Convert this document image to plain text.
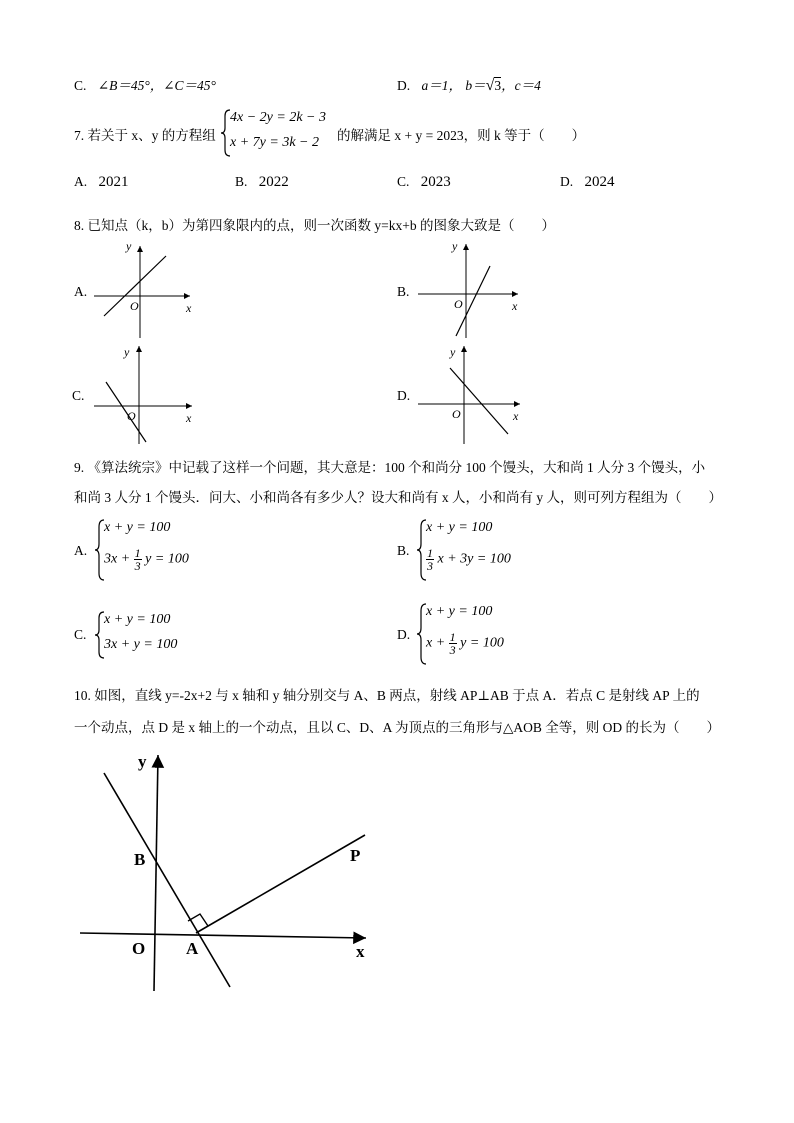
C. ∠B＝45°，∠C＝45°	D. a＝1， b＝√3，c＝4
7. 若关于 x、y 的方程组
4x − 2y = 2k − 3
x + 7y = 3k − 2 的解满足 x + y = 2023，则 k 等于（　　）
A. 2021	B. 2022	C. 2023	D. 2024
8. 已知点（k，b）为第四象限内的点，则一次函数 y=kx+b 的图象大致是（　　）
A.
y
x
O
B.
y
x
O
C.
y
x
O
D.
y
x
O
9. 《算法统宗》中记载了这样一个问题，其大意是：100 个和尚分 100 个馒头，大和尚 1 人分 3 个馒头，小
和尚 3 人分 1 个馒头．问大、小和尚各有多少人？设大和尚有 x 人，小和尚有 y 人，则可列方程组为（　　）
A.
x + y = 100
$3x + \frac{1}{3}$ y = 100
B.
x + y = 100
$\frac{1}{3}$ x + 3y = 100
C.
x + y = 100
3x + y = 100
D.
x + y = 100
$x + \frac{1}{3}$ y = 100
10. 如图，直线 y=-2x+2 与 x 轴和 y 轴分别交与 A、B 两点，射线 AP⊥AB 于点 A．若点 C 是射线 AP 上的
一个动点，点 D 是 x 轴上的一个动点，且以 C、D、A 为顶点的三角形与△AOB 全等，则 OD 的长为（　　）
y
x
B	P
O A
